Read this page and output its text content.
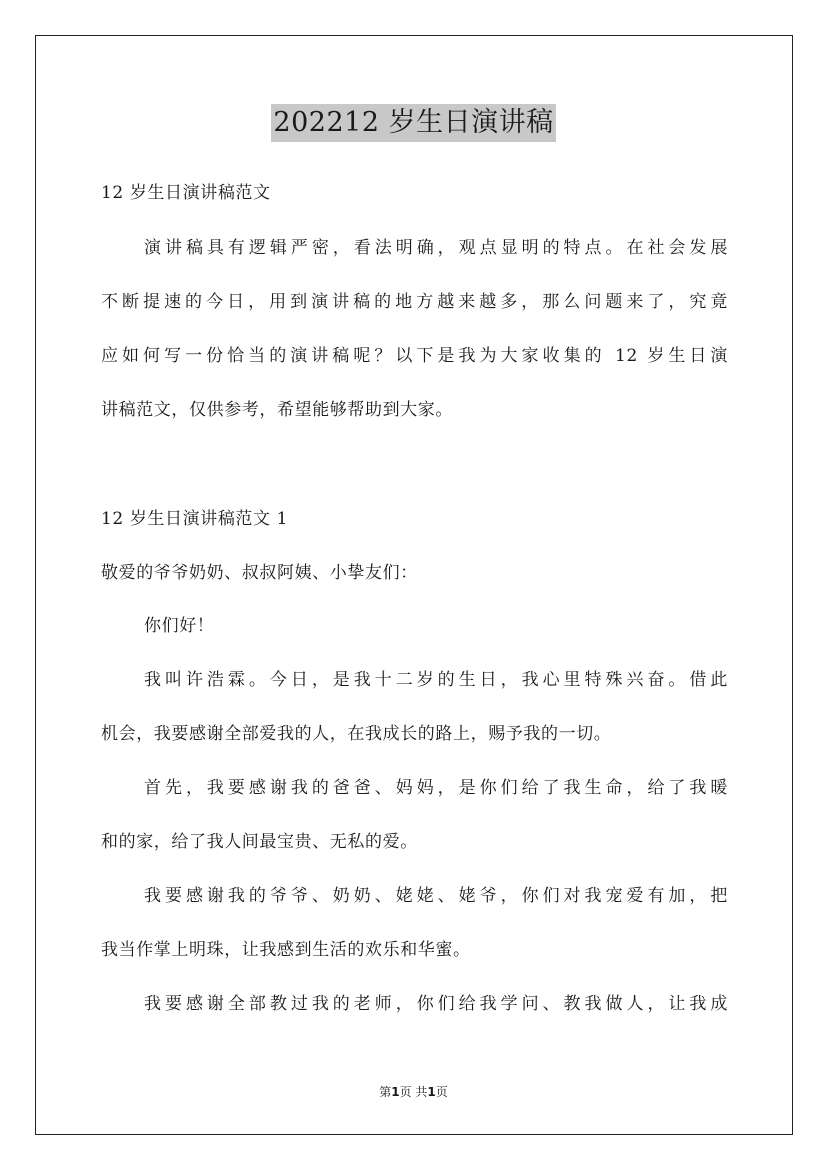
202212 岁生日演讲稿
12 岁生日演讲稿范文
演讲稿具有逻辑严密，看法明确，观点显明的特点。在社会发展
不断提速的今日，用到演讲稿的地方越来越多，那么问题来了，究竟
应如何写一份恰当的演讲稿呢？以下是我为大家收集的 12 岁生日演
讲稿范文，仅供参考，希望能够帮助到大家。
12 岁生日演讲稿范文 1
敬爱的爷爷奶奶、叔叔阿姨、小挚友们：
你们好！
我叫许浩霖。今日，是我十二岁的生日，我心里特殊兴奋。借此
机会，我要感谢全部爱我的人，在我成长的路上，赐予我的一切。
首先，我要感谢我的爸爸、妈妈，是你们给了我生命，给了我暖
和的家，给了我人间最宝贵、无私的爱。
我要感谢我的爷爷、奶奶、姥姥、姥爷，你们对我宠爱有加，把
我当作掌上明珠，让我感到生活的欢乐和华蜜。
我要感谢全部教过我的老师，你们给我学问、教我做人，让我成
第1页 共1页
